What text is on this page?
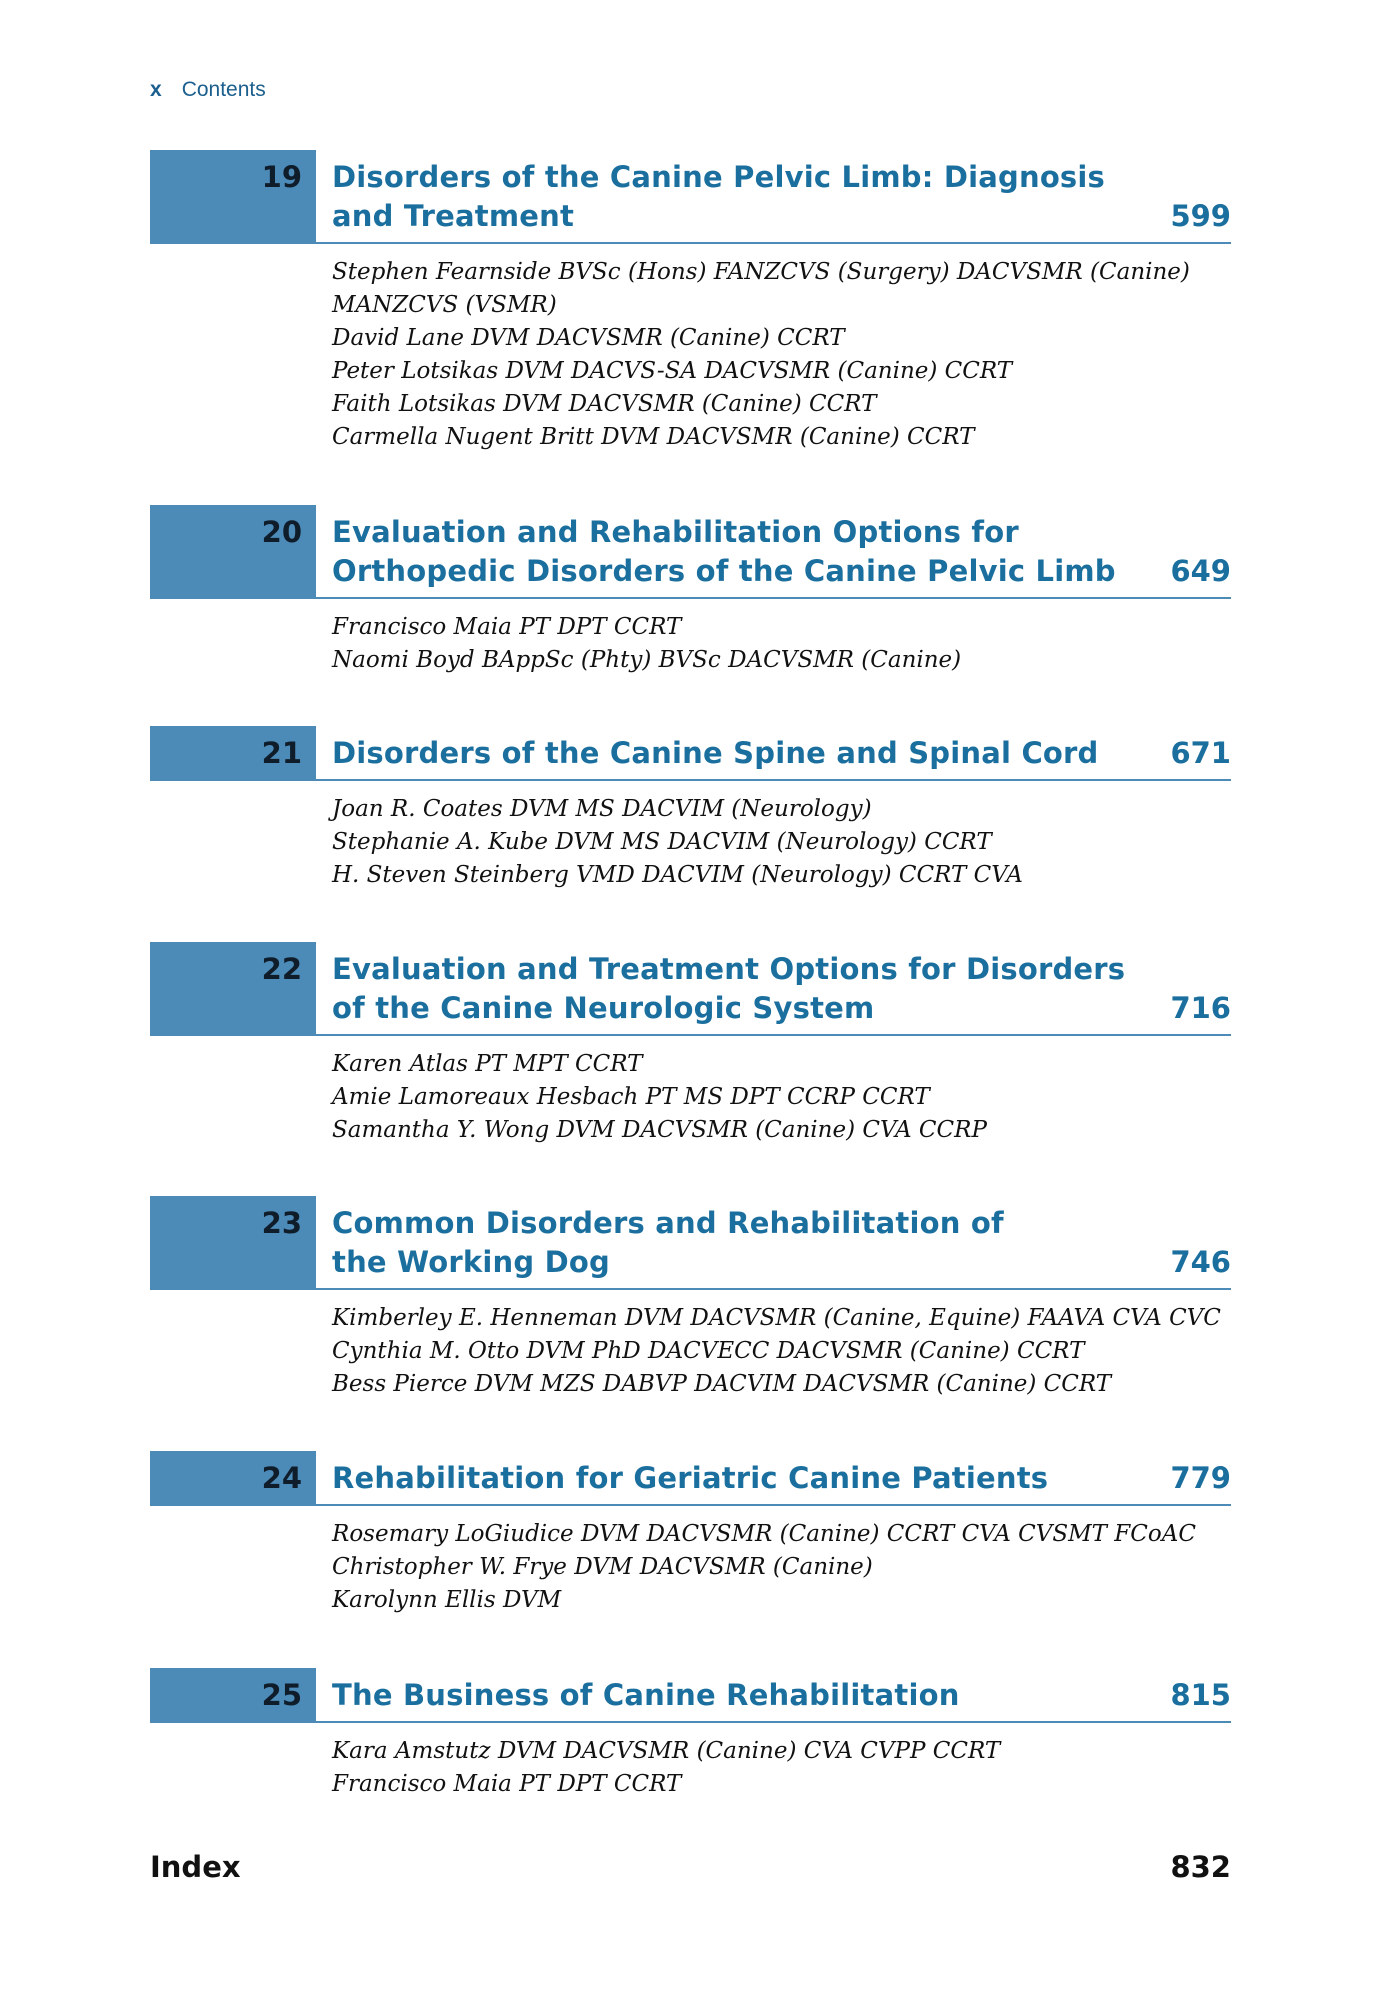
x Contents
19	Disorders of the Canine Pelvic Limb: Diagnosis and Treatment	599
Stephen Fearnside BVSc (Hons) FANZCVS (Surgery) DACVSMR (Canine)
MANZCVS (VSMR)
David Lane DVM DACVSMR (Canine) CCRT
Peter Lotsikas DVM DACVS-SA DACVSMR (Canine) CCRT
Faith Lotsikas DVM DACVSMR (Canine) CCRT
Carmella Nugent Britt DVM DACVSMR (Canine) CCRT
20	Evaluation and Rehabilitation Options for Orthopedic Disorders of the Canine Pelvic Limb	649
Francisco Maia PT DPT CCRT
Naomi Boyd BAppSc (Phty) BVSc DACVSMR (Canine)
21	Disorders of the Canine Spine and Spinal Cord	671
Joan R. Coates DVM MS DACVIM (Neurology)
Stephanie A. Kube DVM MS DACVIM (Neurology) CCRT
H. Steven Steinberg VMD DACVIM (Neurology) CCRT CVA
22	Evaluation and Treatment Options for Disorders of the Canine Neurologic System	716
Karen Atlas PT MPT CCRT
Amie Lamoreaux Hesbach PT MS DPT CCRP CCRT
Samantha Y. Wong DVM DACVSMR (Canine) CVA CCRP
23	Common Disorders and Rehabilitation of the Working Dog	746
Kimberley E. Henneman DVM DACVSMR (Canine, Equine) FAAVA CVA CVC
Cynthia M. Otto DVM PhD DACVECC DACVSMR (Canine) CCRT
Bess Pierce DVM MZS DABVP DACVIM DACVSMR (Canine) CCRT
24	Rehabilitation for Geriatric Canine Patients	779
Rosemary LoGiudice DVM DACVSMR (Canine) CCRT CVA CVSMT FCoAC
Christopher W. Frye DVM DACVSMR (Canine)
Karolynn Ellis DVM
25	The Business of Canine Rehabilitation	815
Kara Amstutz DVM DACVSMR (Canine) CVA CVPP CCRT
Francisco Maia PT DPT CCRT
Index	832
